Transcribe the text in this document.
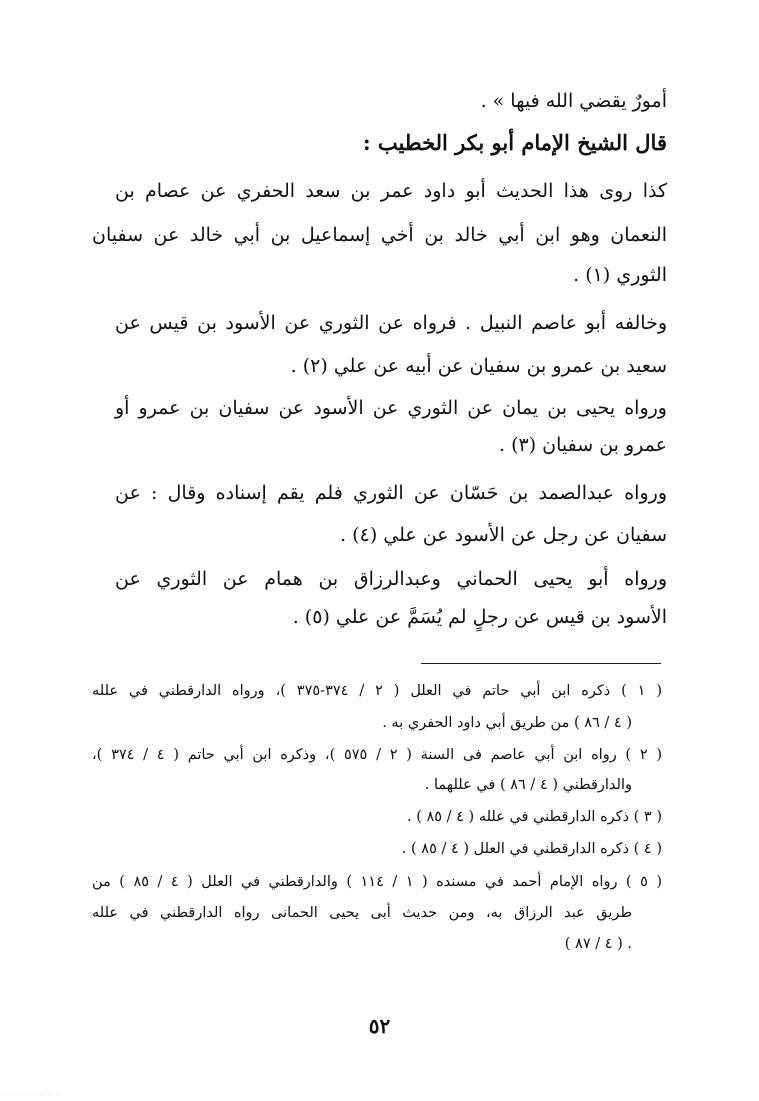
أمورٌ يقضي الله فيها » .
قال الشيخ الإمام أبو بكر الخطيب :
كذا روى هذا الحديث أبو داود عمر بن سعد الحفري عن عصام بن
النعمان وهو ابن أبي خالد بن أخي إسماعيل بن أبي خالد عن سفيان
الثوري (١) .
وخالفه أبو عاصم النبيل . فرواه عن الثوري عن الأسود بن قيس عن
سعيد بن عمرو بن سفيان عن أبيه عن علي (٢) .
ورواه يحيى بن يمان عن الثوري عن الأسود عن سفيان بن عمرو أو
عمرو بن سفيان (٣) .
ورواه عبدالصمد بن حَسّان عن الثوري فلم يقم إسناده وقال : عن
سفيان عن رجل عن الأسود عن علي (٤) .
ورواه أبو يحيى الحماني وعبدالرزاق بن همام عن الثوري عن
الأسود بن قيس عن رجلٍ لم يُسَمَّ عن علي (٥) .
( ١ ) ذكره ابن أبي حاتم في العلل ( ٢ / ٣٧٤-٣٧٥ )، ورواه الدارقطني في علله
( ٤ / ٨٦ ) من طريق أبي داود الحفري به .
( ٢ ) رواه ابن أبي عاصم فى السنة ( ٢ / ٥٧٥ )، وذكره ابن أبي حاتم ( ٤ / ٣٧٤ )،
والدارقطني ( ٤ / ٨٦ ) في عللهما .
( ٣ ) ذكره الدارقطني في علله ( ٤ / ٨٥ ) .
( ٤ ) ذكره الدارقطني في العلل ( ٤ / ٨٥ ) .
( ٥ ) رواه الإمام أحمد في مسنده ( ١ / ١١٤ ) والدارقطني في العلل ( ٤ / ٨٥ ) من
طريق عبد الرزاق به، ومن حديث أبى يحيى الحمانى رواه الدارقطني في علله
( ٤ / ٨٧ ) .
٥٢
· · · · · · · ·
